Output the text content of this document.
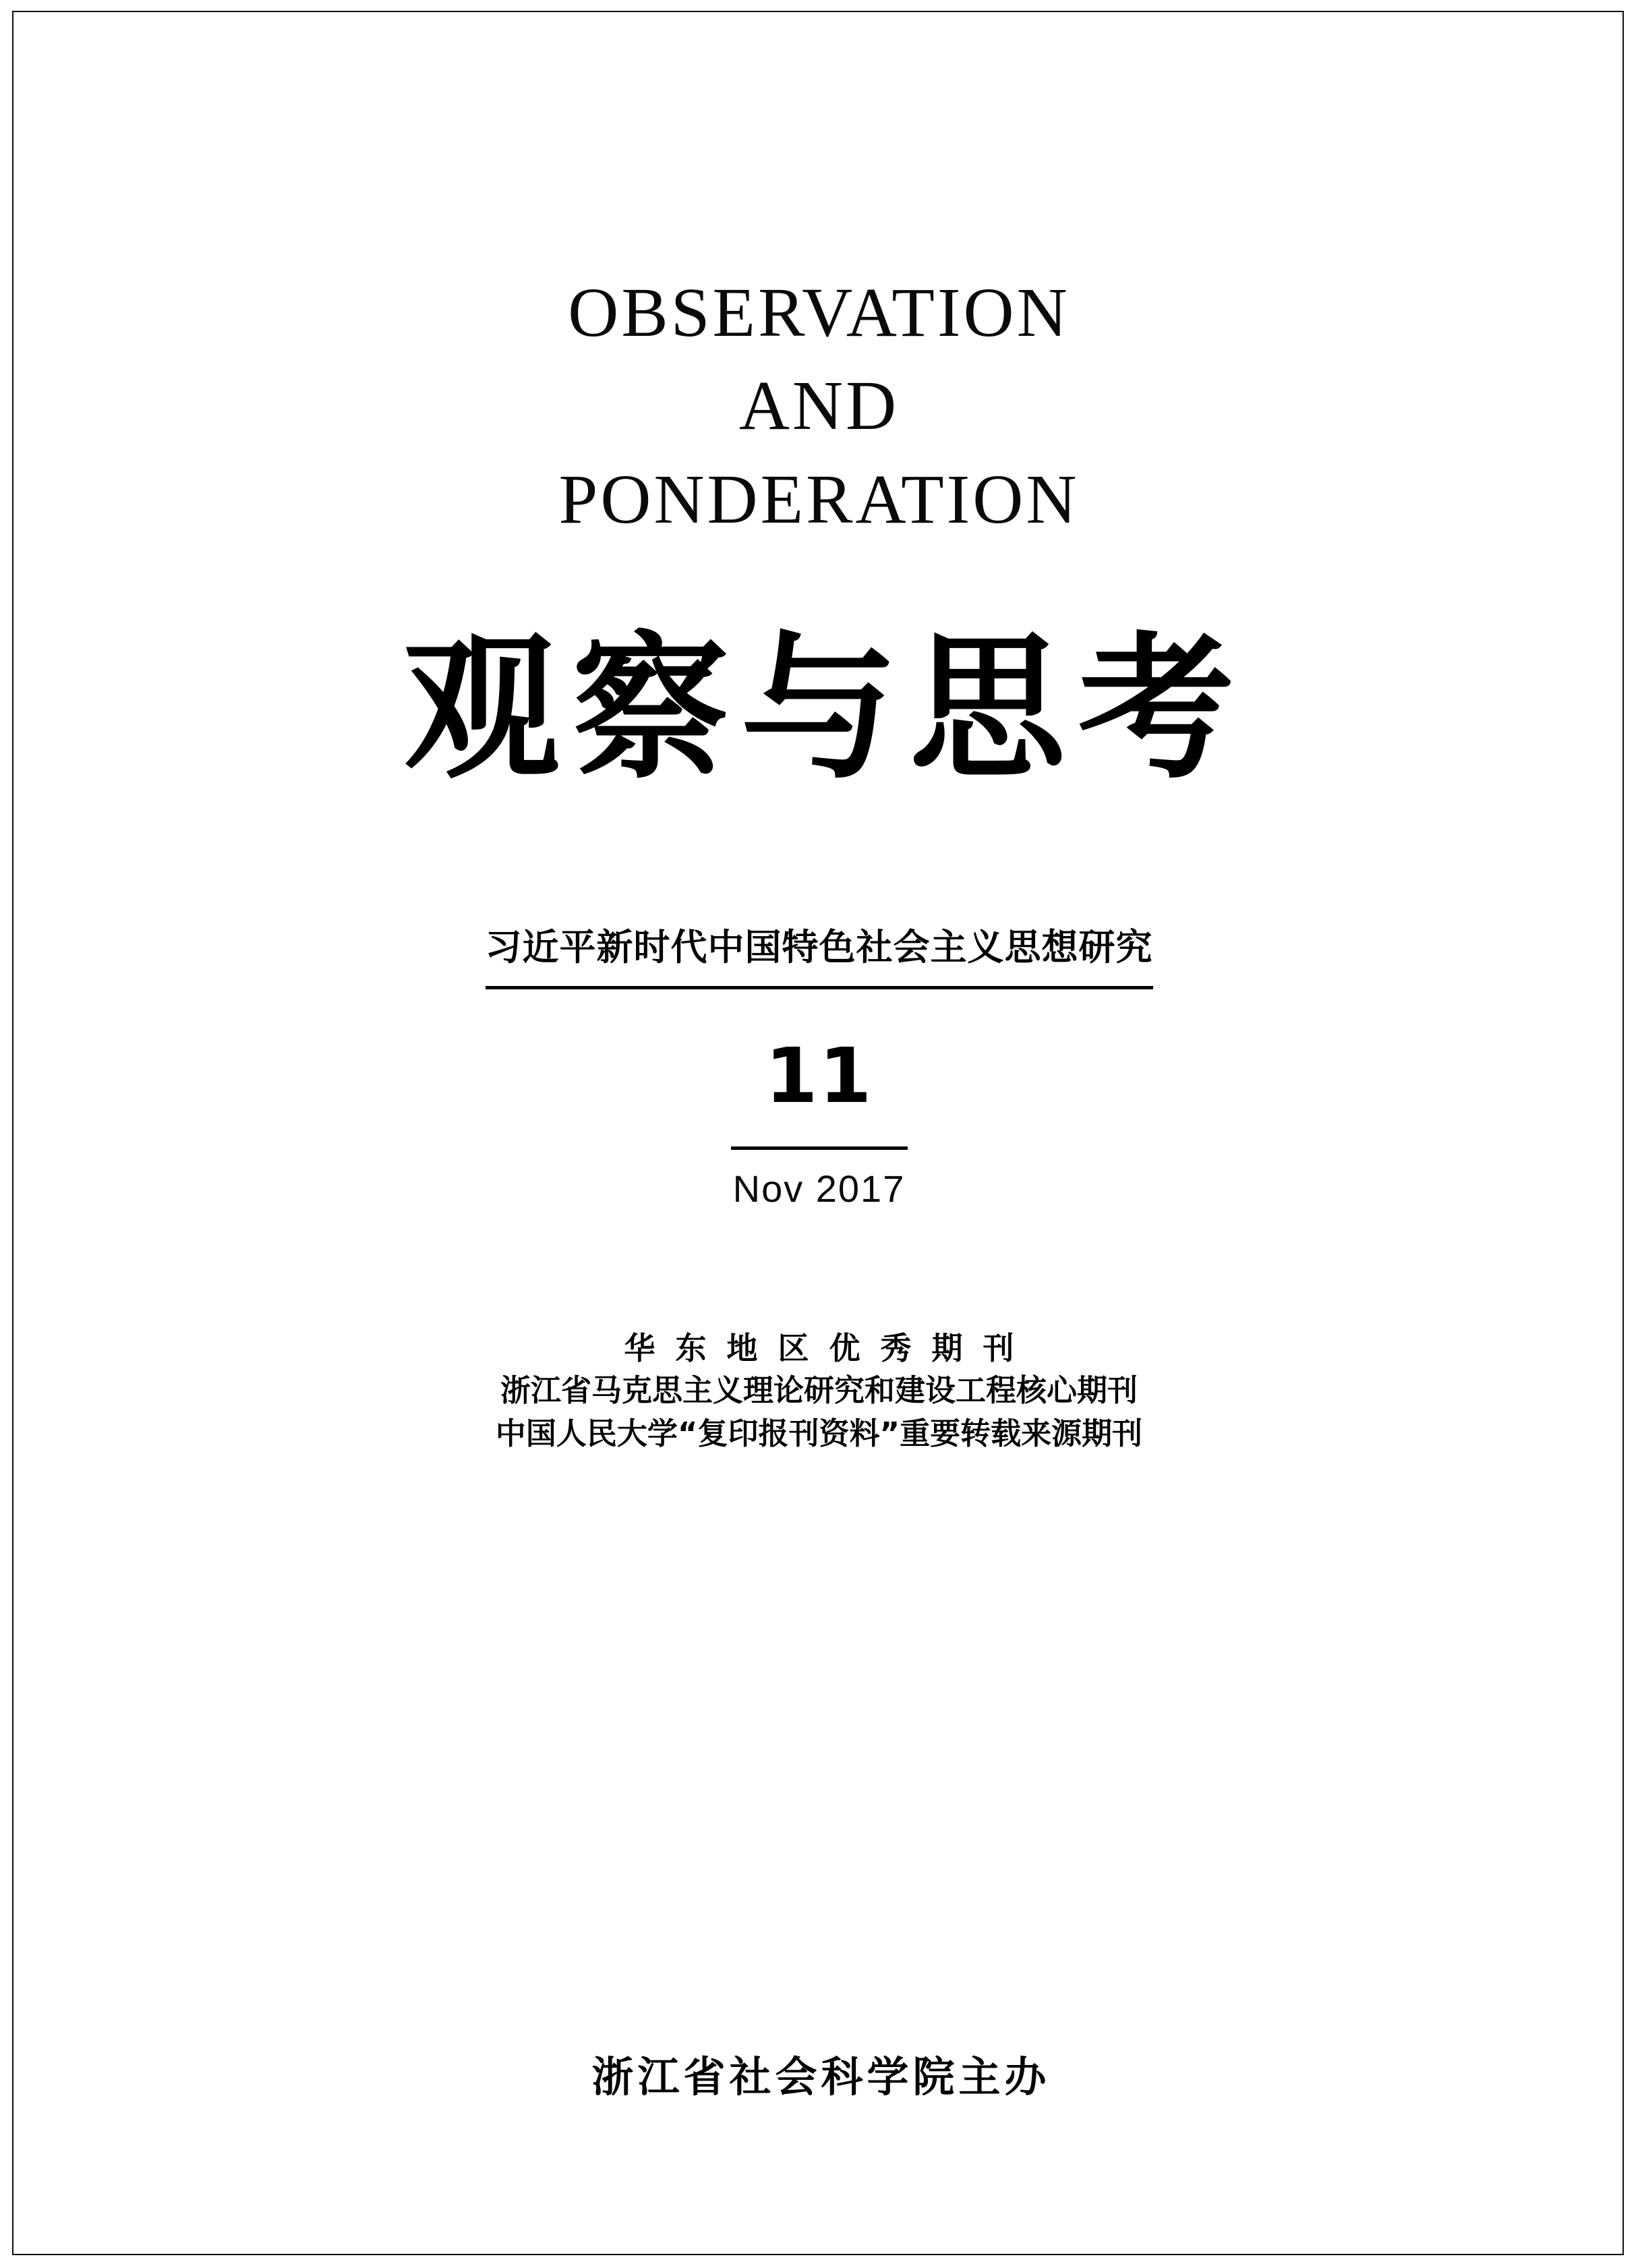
OBSERVATION
AND
PONDERATION
观察与思考
习近平新时代中国特色社会主义思想研究
11
Nov 2017
华东地区优秀期刊
浙江省马克思主义理论研究和建设工程核心期刊
中国人民大学“复印报刊资料”重要转载来源期刊
浙江省社会科学院主办
